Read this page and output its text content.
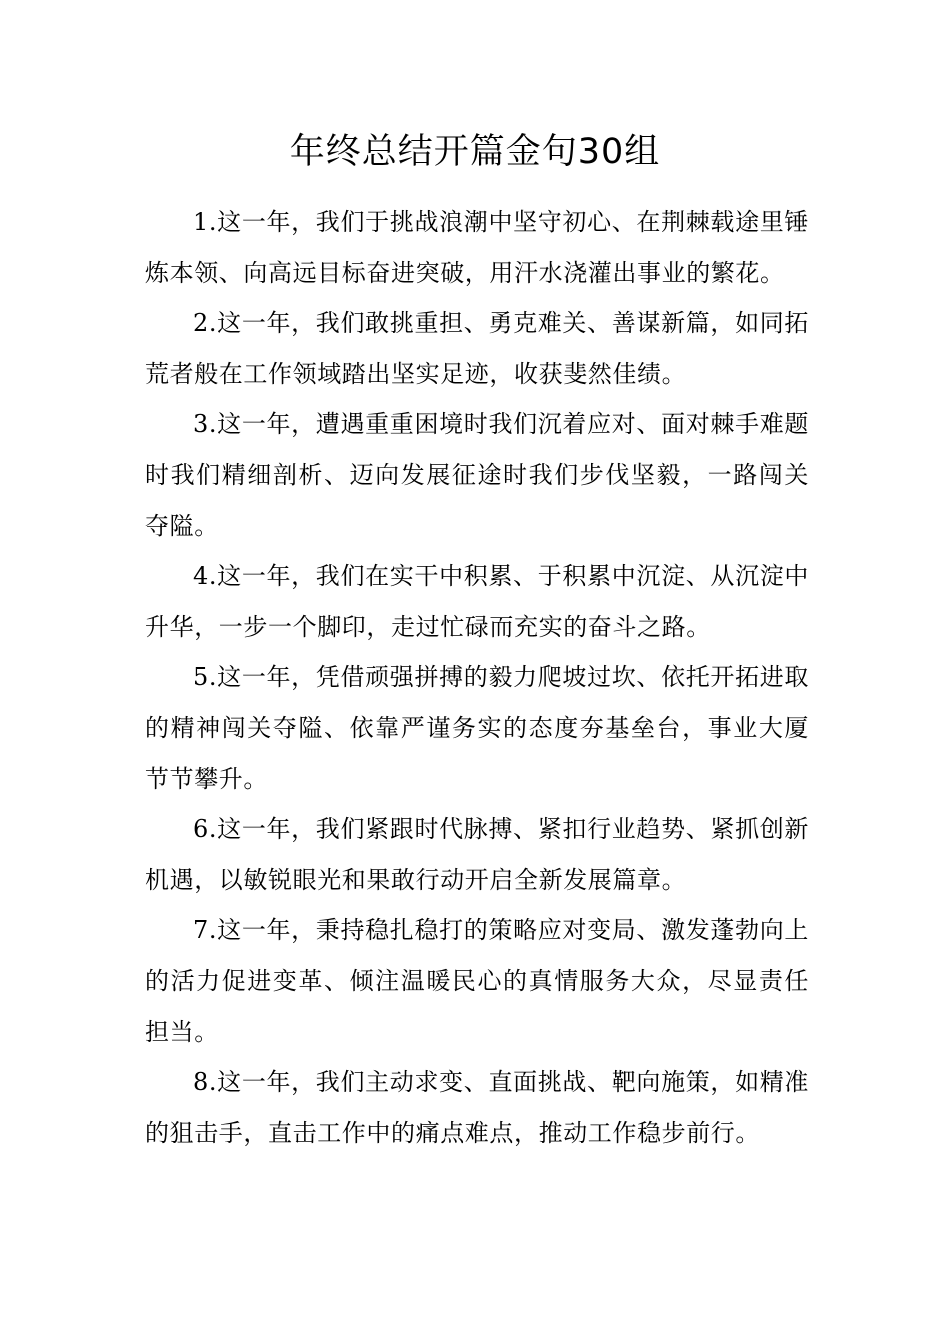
年终总结开篇金句30组

1.这一年，我们于挑战浪潮中坚守初心、在荆棘载途里锤炼本领、向高远目标奋进突破，用汗水浇灌出事业的繁花。

2.这一年，我们敢挑重担、勇克难关、善谋新篇，如同拓荒者般在工作领域踏出坚实足迹，收获斐然佳绩。

3.这一年，遭遇重重困境时我们沉着应对、面对棘手难题时我们精细剖析、迈向发展征途时我们步伐坚毅，一路闯关夺隘。

4.这一年，我们在实干中积累、于积累中沉淀、从沉淀中升华，一步一个脚印，走过忙碌而充实的奋斗之路。

5.这一年，凭借顽强拼搏的毅力爬坡过坎、依托开拓进取的精神闯关夺隘、依靠严谨务实的态度夯基垒台，事业大厦节节攀升。

6.这一年，我们紧跟时代脉搏、紧扣行业趋势、紧抓创新机遇，以敏锐眼光和果敢行动开启全新发展篇章。

7.这一年，秉持稳扎稳打的策略应对变局、激发蓬勃向上的活力促进变革、倾注温暖民心的真情服务大众，尽显责任担当。

8.这一年，我们主动求变、直面挑战、靶向施策，如精准的狙击手，直击工作中的痛点难点，推动工作稳步前行。
